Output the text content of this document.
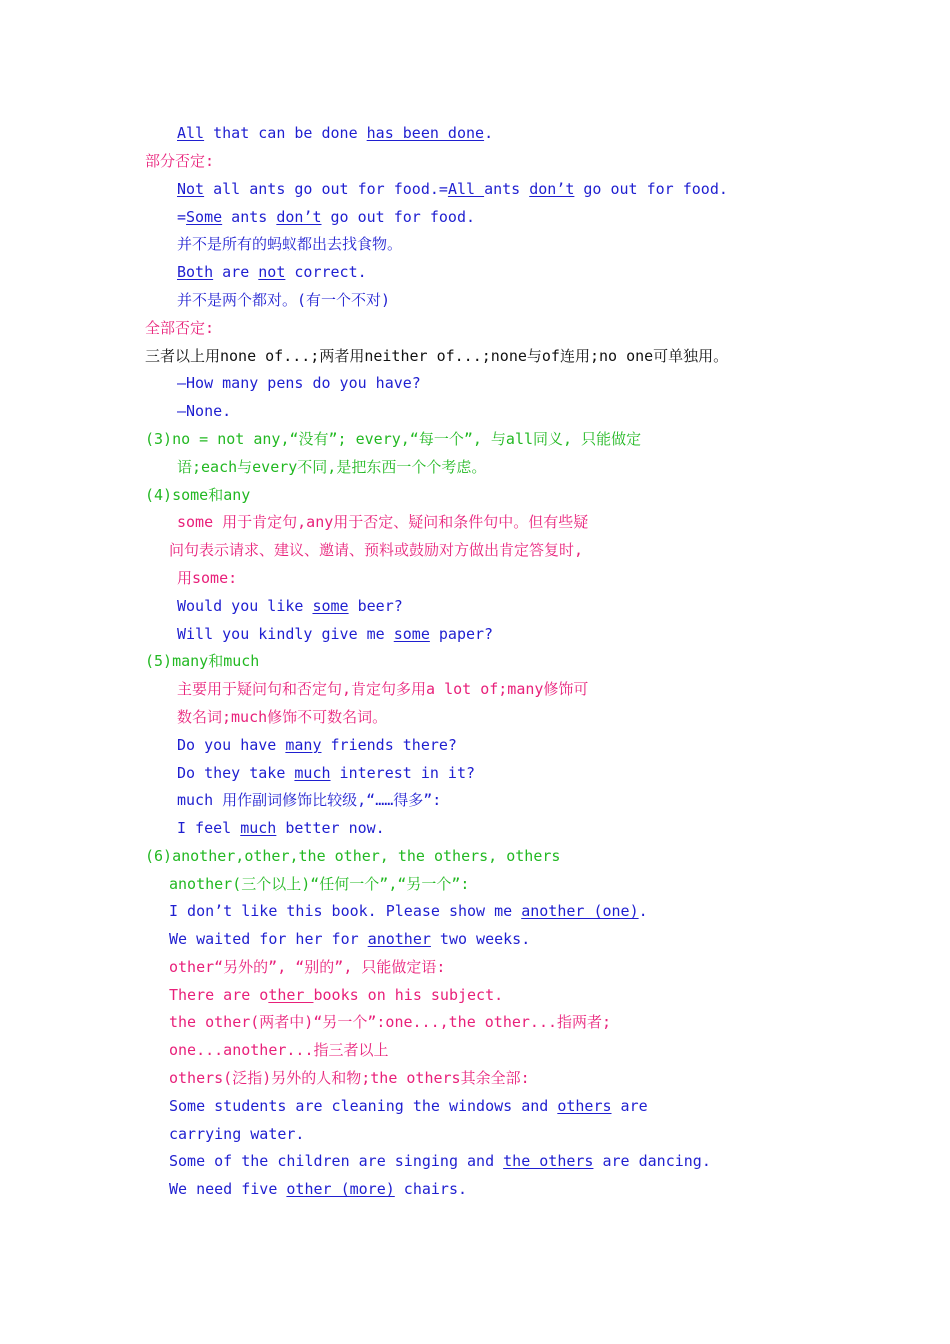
All that can be done has been done.
部分否定:
Not all ants go out for food.=All ants don’t go out for food.
=Some ants don’t go out for food.
并不是所有的蚂蚁都出去找食物。
Both are not correct.
并不是两个都对。(有一个不对)
全部否定:
三者以上用none of...;两者用neither of...;none与of连用;no one可单独用。
—How many pens do you have?
—None.
(3)no = not any,“没有”; every,“每一个”, 与all同义, 只能做定
语;each与every不同,是把东西一个个考虑。
(4)some和any
some 用于肯定句,any用于否定、疑问和条件句中。但有些疑
问句表示请求、建议、邀请、预料或鼓励对方做出肯定答复时,
用some:
Would you like some beer?
Will you kindly give me some paper?
(5)many和much
主要用于疑问句和否定句,肯定句多用a lot of;many修饰可
数名词;much修饰不可数名词。
Do you have many friends there?
Do they take much interest in it?
much 用作副词修饰比较级,“……得多”:
I feel much better now.
(6)another,other,the other, the others, others
another(三个以上)“任何一个”,“另一个”:
I don’t like this book. Please show me another (one).
We waited for her for another two weeks.
other“另外的”, “别的”, 只能做定语:
There are other books on his subject.
the other(两者中)“另一个”:one...,the other...指两者;
one...another...指三者以上
others(泛指)另外的人和物;the others其余全部:
Some students are cleaning the windows and others are
carrying water.
Some of the children are singing and the others are dancing.
We need five other (more) chairs.
